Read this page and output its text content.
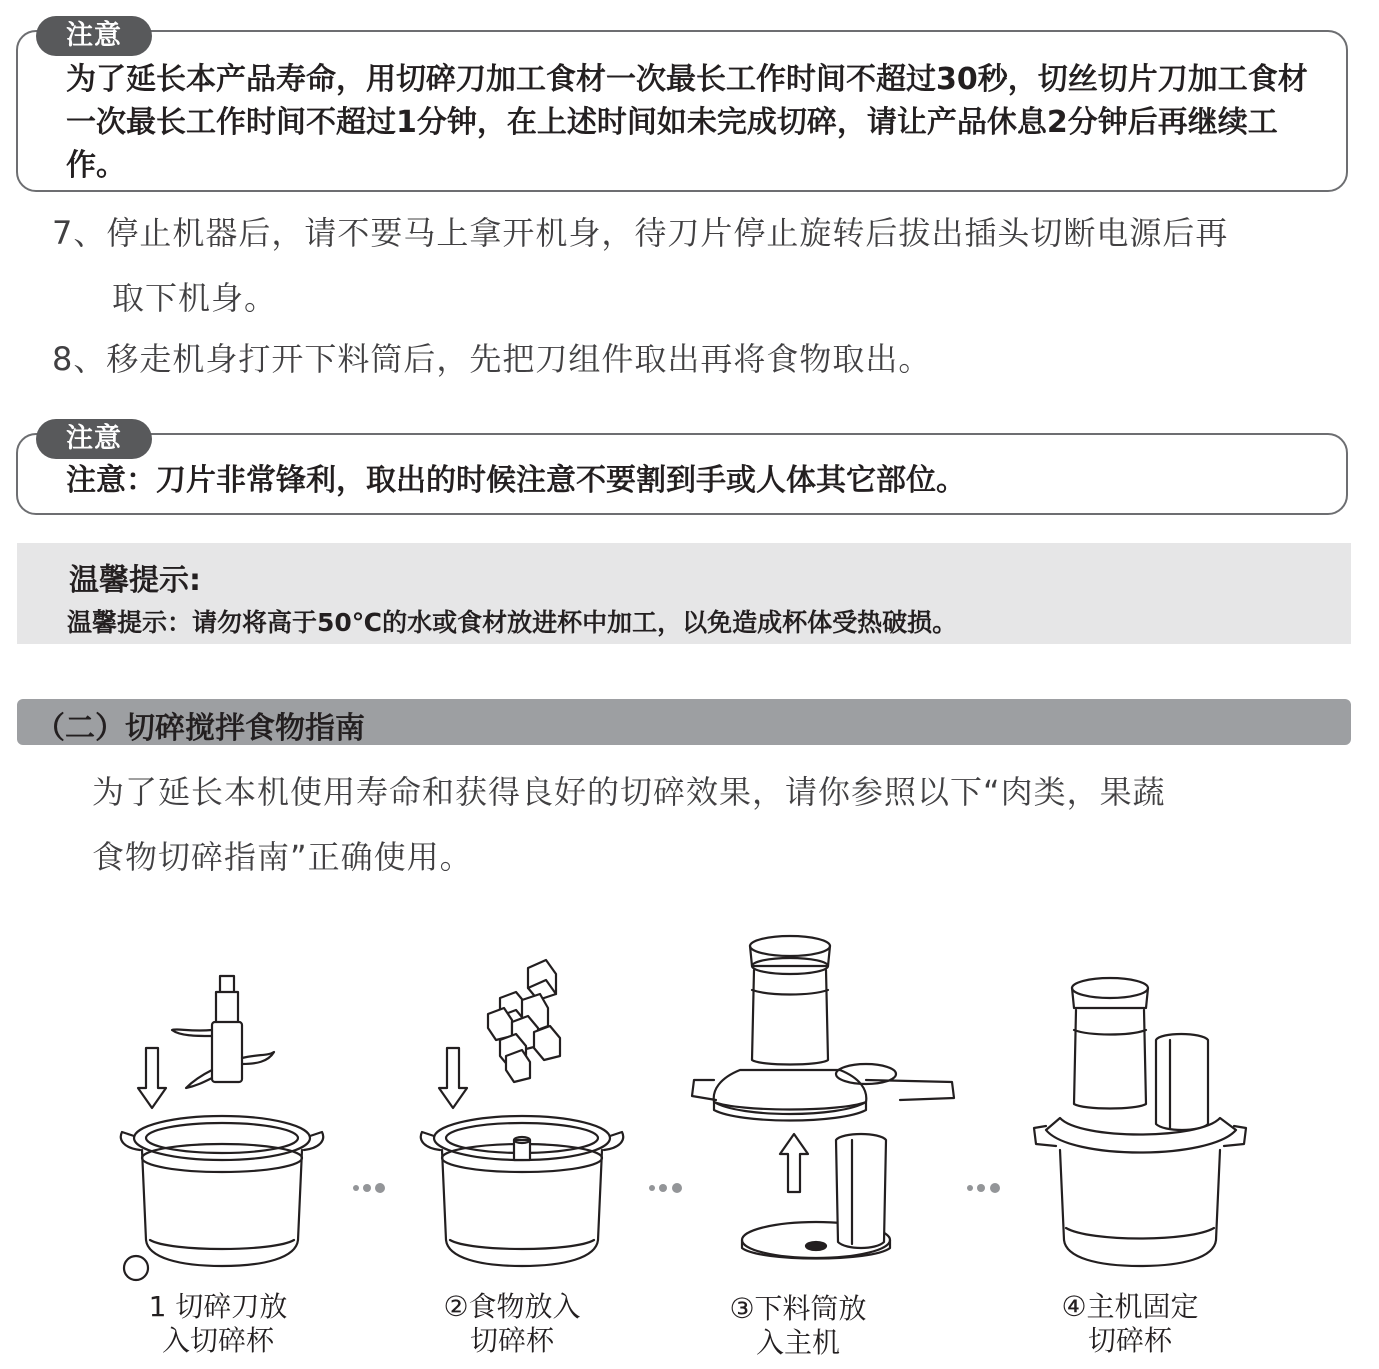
注意
为了延长本产品寿命，用切碎刀加工食材一次最长工作时间不超过30秒，切丝切片刀加工食材一次最长工作时间不超过1分钟，在上述时间如未完成切碎，请让产品休息2分钟后再继续工作。
7、停止机器后，请不要马上拿开机身，待刀片停止旋转后拔出插头切断电源后再
取下机身。
8、移走机身打开下料筒后，先把刀组件取出再将食物取出。
注意
注意：刀片非常锋利，取出的时候注意不要割到手或人体其它部位。
温馨提示:
温馨提示：请勿将高于50℃的水或食材放进杯中加工，以免造成杯体受热破损。
（二）切碎搅拌食物指南
为了延长本机使用寿命和获得良好的切碎效果，请你参照以下“肉类，果蔬
食物切碎指南”正确使用。
1 切碎刀放
入切碎杯
②食物放入
切碎杯
③下料筒放
入主机
④主机固定
切碎杯
